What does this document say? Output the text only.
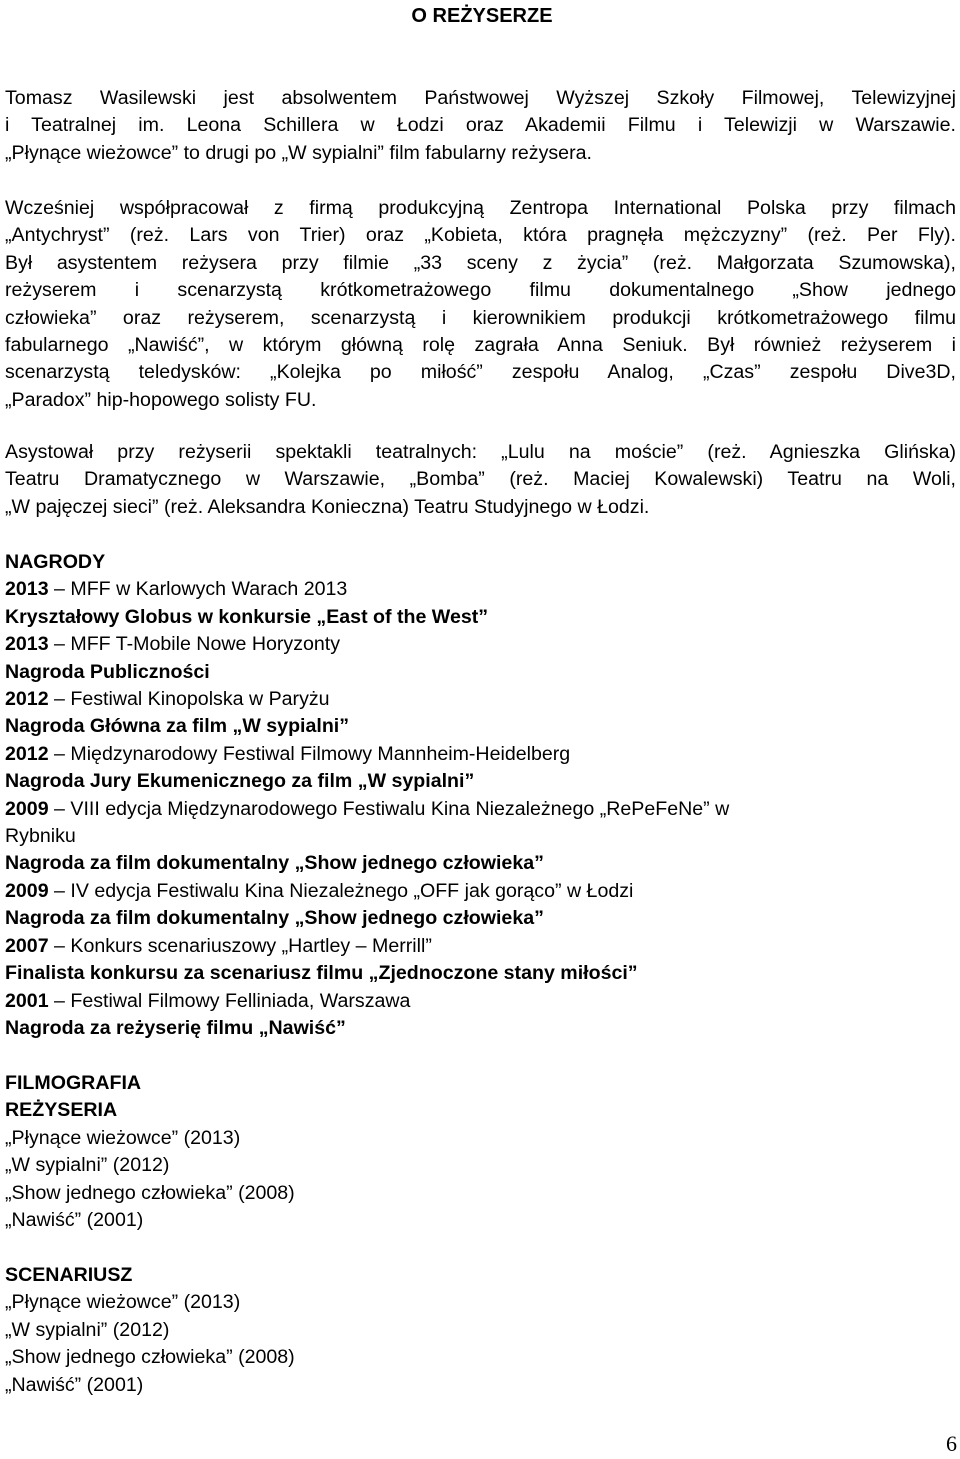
O REŻYSERZE
Tomasz Wasilewski jest absolwentem Państwowej Wyższej Szkoły Filmowej, Telewizyjnej
i Teatralnej im. Leona Schillera w Łodzi oraz Akademii Filmu i Telewizji w Warszawie.
„Płynące wieżowce” to drugi po „W sypialni” film fabularny reżysera.
Wcześniej współpracował z firmą produkcyjną Zentropa International Polska przy filmach
„Antychryst” (reż. Lars von Trier) oraz „Kobieta, która pragnęła mężczyzny” (reż. Per Fly).
Był asystentem reżysera przy filmie „33 sceny z życia” (reż. Małgorzata Szumowska),
reżyserem i scenarzystą krótkometrażowego filmu dokumentalnego „Show jednego
człowieka” oraz reżyserem, scenarzystą i kierownikiem produkcji krótkometrażowego filmu
fabularnego „Nawiść”, w którym główną rolę zagrała Anna Seniuk. Był również reżyserem i
scenarzystą teledysków: „Kolejka po miłość” zespołu Analog, „Czas” zespołu Dive3D,
„Paradox” hip-hopowego solisty FU.
Asystował przy reżyserii spektakli teatralnych: „Lulu na moście” (reż. Agnieszka Glińska)
Teatru Dramatycznego w Warszawie, „Bomba” (reż. Maciej Kowalewski) Teatru na Woli,
„W pajęczej sieci” (reż. Aleksandra Konieczna) Teatru Studyjnego w Łodzi.
NAGRODY
2013 – MFF w Karlowych Warach 2013
Kryształowy Globus w konkursie „East of the West”
2013 – MFF T-Mobile Nowe Horyzonty
Nagroda Publiczności
2012 – Festiwal Kinopolska w Paryżu
Nagroda Główna za film „W sypialni”
2012 – Międzynarodowy Festiwal Filmowy Mannheim-Heidelberg
Nagroda Jury Ekumenicznego za film „W sypialni”
2009 – VIII edycja Międzynarodowego Festiwalu Kina Niezależnego „RePeFeNe” w
Rybniku
Nagroda za film dokumentalny „Show jednego człowieka”
2009 – IV edycja Festiwalu Kina Niezależnego „OFF jak gorąco” w Łodzi
Nagroda za film dokumentalny „Show jednego człowieka”
2007 – Konkurs scenariuszowy „Hartley – Merrill”
Finalista konkursu za scenariusz filmu „Zjednoczone stany miłości”
2001 – Festiwal Filmowy Felliniada, Warszawa
Nagroda za reżyserię filmu „Nawiść”
FILMOGRAFIA
REŻYSERIA
„Płynące wieżowce” (2013)
„W sypialni” (2012)
„Show jednego człowieka” (2008)
„Nawiść” (2001)
SCENARIUSZ
„Płynące wieżowce” (2013)
„W sypialni” (2012)
„Show jednego człowieka” (2008)
„Nawiść” (2001)
6
